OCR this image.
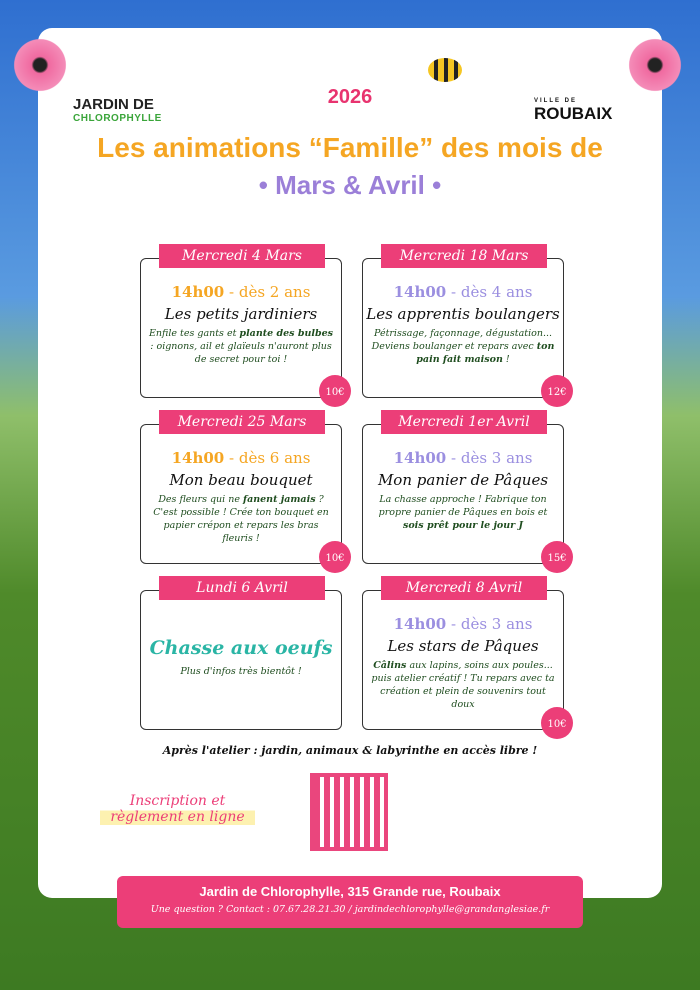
JARDIN DE
CHLOROPHYLLE
VILLE DE
ROUBAIX
2026
Les animations “Famille” des mois de
• Mars & Avril •
Mercredi 4 Mars
14h00 - dès 2 ans
Les petits jardiniers
Enfile tes gants et plante des bulbes : oignons, ail et glaïeuls n'auront plus de secret pour toi !
10€
Mercredi 18 Mars
14h00 - dès 4 ans
Les apprentis boulangers
Pétrissage, façonnage, dégustation... Deviens boulanger et repars avec ton pain fait maison !
12€
Mercredi 25 Mars
14h00 - dès 6 ans
Mon beau bouquet
Des fleurs qui ne fanent jamais ? C'est possible ! Crée ton bouquet en papier crépon et repars les bras fleuris !
10€
Mercredi 1er Avril
14h00 - dès 3 ans
Mon panier de Pâques
La chasse approche ! Fabrique ton propre panier de Pâques en bois et sois prêt pour le jour J
15€
Lundi 6 Avril
Chasse aux oeufs
Plus d'infos très bientôt !
Mercredi 8 Avril
14h00 - dès 3 ans
Les stars de Pâques
Câlins aux lapins, soins aux poules... puis atelier créatif ! Tu repars avec ta création et plein de souvenirs tout doux
10€
Après l'atelier : jardin, animaux & labyrinthe en accès libre !
Inscription et règlement en ligne
Jardin de Chlorophylle, 315 Grande rue, Roubaix
Une question ? Contact : 07.67.28.21.30 / jardindechlorophylle@grandanglesiae.fr
